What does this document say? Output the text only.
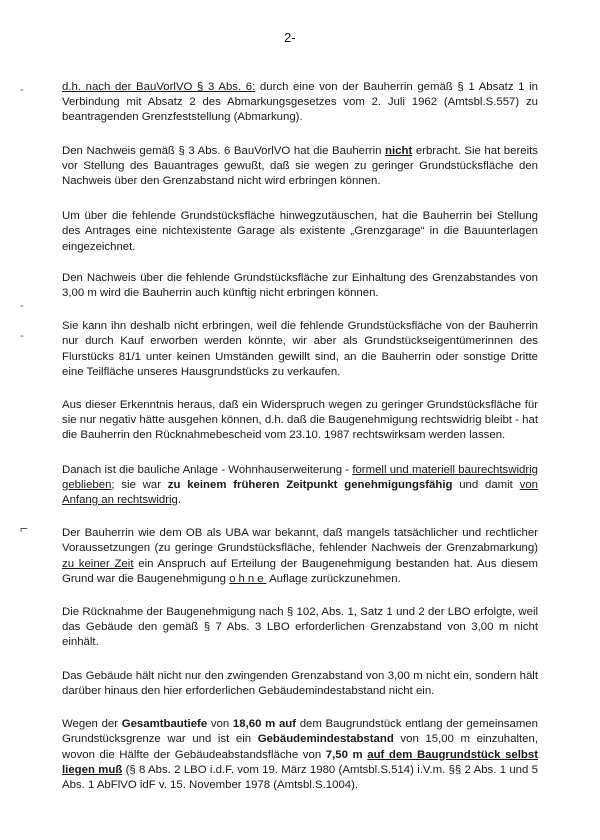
2-
-
-
-
⌐

d.h. nach der BauVorlVO § 3 Abs. 6: durch eine von der Bauherrin gemäß § 1 Absatz 1 in Verbindung mit Absatz 2 des Abmarkungsgesetzes vom 2. Juli 1962 (Amtsbl.S.557) zu beantragenden Grenzfeststellung (Abmarkung).

Den Nachweis gemäß § 3 Abs. 6 BauVorlVO hat die Bauherrin nicht erbracht. Sie hat bereits vor Stellung des Bauantrages gewußt, daß sie wegen zu geringer Grundstücksfläche den Nachweis über den Grenzabstand nicht wird erbringen können.

Um über die fehlende Grundstücksfläche hinwegzutäuschen, hat die Bauherrin bei Stellung des Antrages eine nichtexistente Garage als existente „Grenzgarage“ in die Bauunterlagen eingezeichnet.

Den Nachweis über die fehlende Grundstücksfläche zur Einhaltung des Grenzabstandes von 3,00 m wird die Bauherrin auch künftig nicht erbringen können.

Sie kann ihn deshalb nicht erbringen, weil die fehlende Grundstücksfläche von der Bauherrin nur durch Kauf erworben werden könnte, wir aber als Grundstückseigentümerinnen des Flurstücks 81/1 unter keinen Umständen gewillt sind, an die Bauherrin oder sonstige Dritte eine Teilfläche unseres Hausgrundstücks zu verkaufen.

Aus dieser Erkenntnis heraus, daß ein Widerspruch wegen zu geringer Grundstücksfläche für sie nur negativ hätte ausgehen können, d.h. daß die Baugenehmigung rechtswidrig bleibt - hat die Bauherrin den Rücknahmebescheid vom 23.10. 1987 rechtswirksam werden lassen.

Danach ist die bauliche Anlage - Wohnhauserweiterung - formell und materiell baurechtswidrig geblieben; sie war zu keinem früheren Zeitpunkt genehmigungsfähig und damit von Anfang an rechtswidrig.

Der Bauherrin wie dem OB als UBA war bekannt, daß mangels tatsächlicher und rechtlicher Voraussetzungen (zu geringe Grundstücksfläche, fehlender Nachweis der Grenzabmarkung) zu keiner Zeit ein Anspruch auf Erteilung der Baugenehmigung bestanden hat. Aus diesem Grund war die Baugenehmigung ohne Auflage zurückzunehmen.

Die Rücknahme der Baugenehmigung nach § 102, Abs. 1, Satz 1 und 2 der LBO erfolgte, weil das Gebäude den gemäß § 7 Abs. 3 LBO erforderlichen Grenzabstand von 3,00 m nicht einhält.

Das Gebäude hält nicht nur den zwingenden Grenzabstand von 3,00 m nicht ein, sondern hält darüber hinaus den hier erforderlichen Gebäudemindestabstand nicht ein.

Wegen der Gesamtbautiefe von 18,60 m auf dem Baugrundstück entlang der gemeinsamen Grundstücksgrenze war und ist ein Gebäudemindestabstand von 15,00 m einzuhalten, wovon die Hälfte der Gebäudeabstandsfläche von 7,50 m auf dem Baugrundstück selbst liegen muß (§ 8 Abs. 2 LBO i.d.F. vom 19. März 1980 (Amtsbl.S.514) i.V.m. §§ 2 Abs. 1 und 5 Abs. 1 AbFlVO idF v. 15. November 1978 (Amtsbl.S.1004).
